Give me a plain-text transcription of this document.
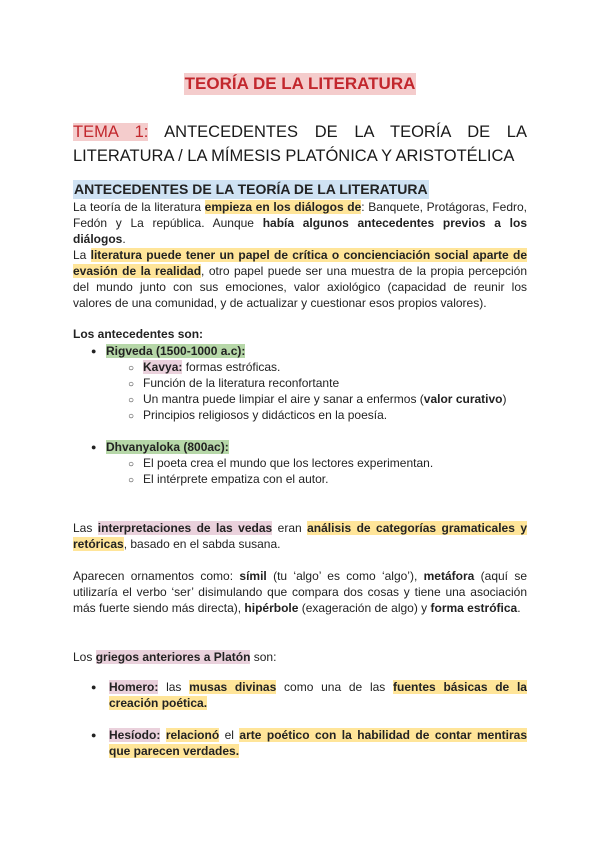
TEORÍA DE LA LITERATURA
TEMA 1: ANTECEDENTES DE LA TEORÍA DE LA LITERATURA / LA MÍMESIS PLATÓNICA Y ARISTOTÉLICA
ANTECEDENTES DE LA TEORÍA DE LA LITERATURA

La teoría de la literatura empieza en los diálogos de: Banquete, Protágoras, Fedro, Fedón y La república. Aunque había algunos antecedentes previos a los diálogos.

La literatura puede tener un papel de crítica o concienciación social aparte de evasión de la realidad, otro papel puede ser una muestra de la propia percepción del mundo junto con sus emociones, valor axiológico (capacidad de reunir los valores de una comunidad, y de actualizar y cuestionar esos propios valores).

Los antecedentes son:
● Rigveda (1500-1000 a.c):
○ Kavya: formas estróficas.
○ Función de la literatura reconfortante
○ Un mantra puede limpiar el aire y sanar a enfermos (valor curativo)
○ Principios religiosos y didácticos en la poesía.
● Dhvanyaloka (800ac):
○ El poeta crea el mundo que los lectores experimentan.
○ El intérprete empatiza con el autor.

Las interpretaciones de las vedas eran análisis de categorías gramaticales y retóricas, basado en el sabda susana.

Aparecen ornamentos como: símil (tu ‘algo’ es como ‘algo’), metáfora (aquí se utilizaría el verbo ‘ser’ disimulando que compara dos cosas y tiene una asociación más fuerte siendo más directa), hipérbole (exageración de algo) y forma estrófica.

Los griegos anteriores a Platón son:

●	Homero: las musas divinas como una de las fuentes básicas de la creación poética.
●	Hesíodo: relacionó el arte poético con la habilidad de contar mentiras que parecen verdades.
